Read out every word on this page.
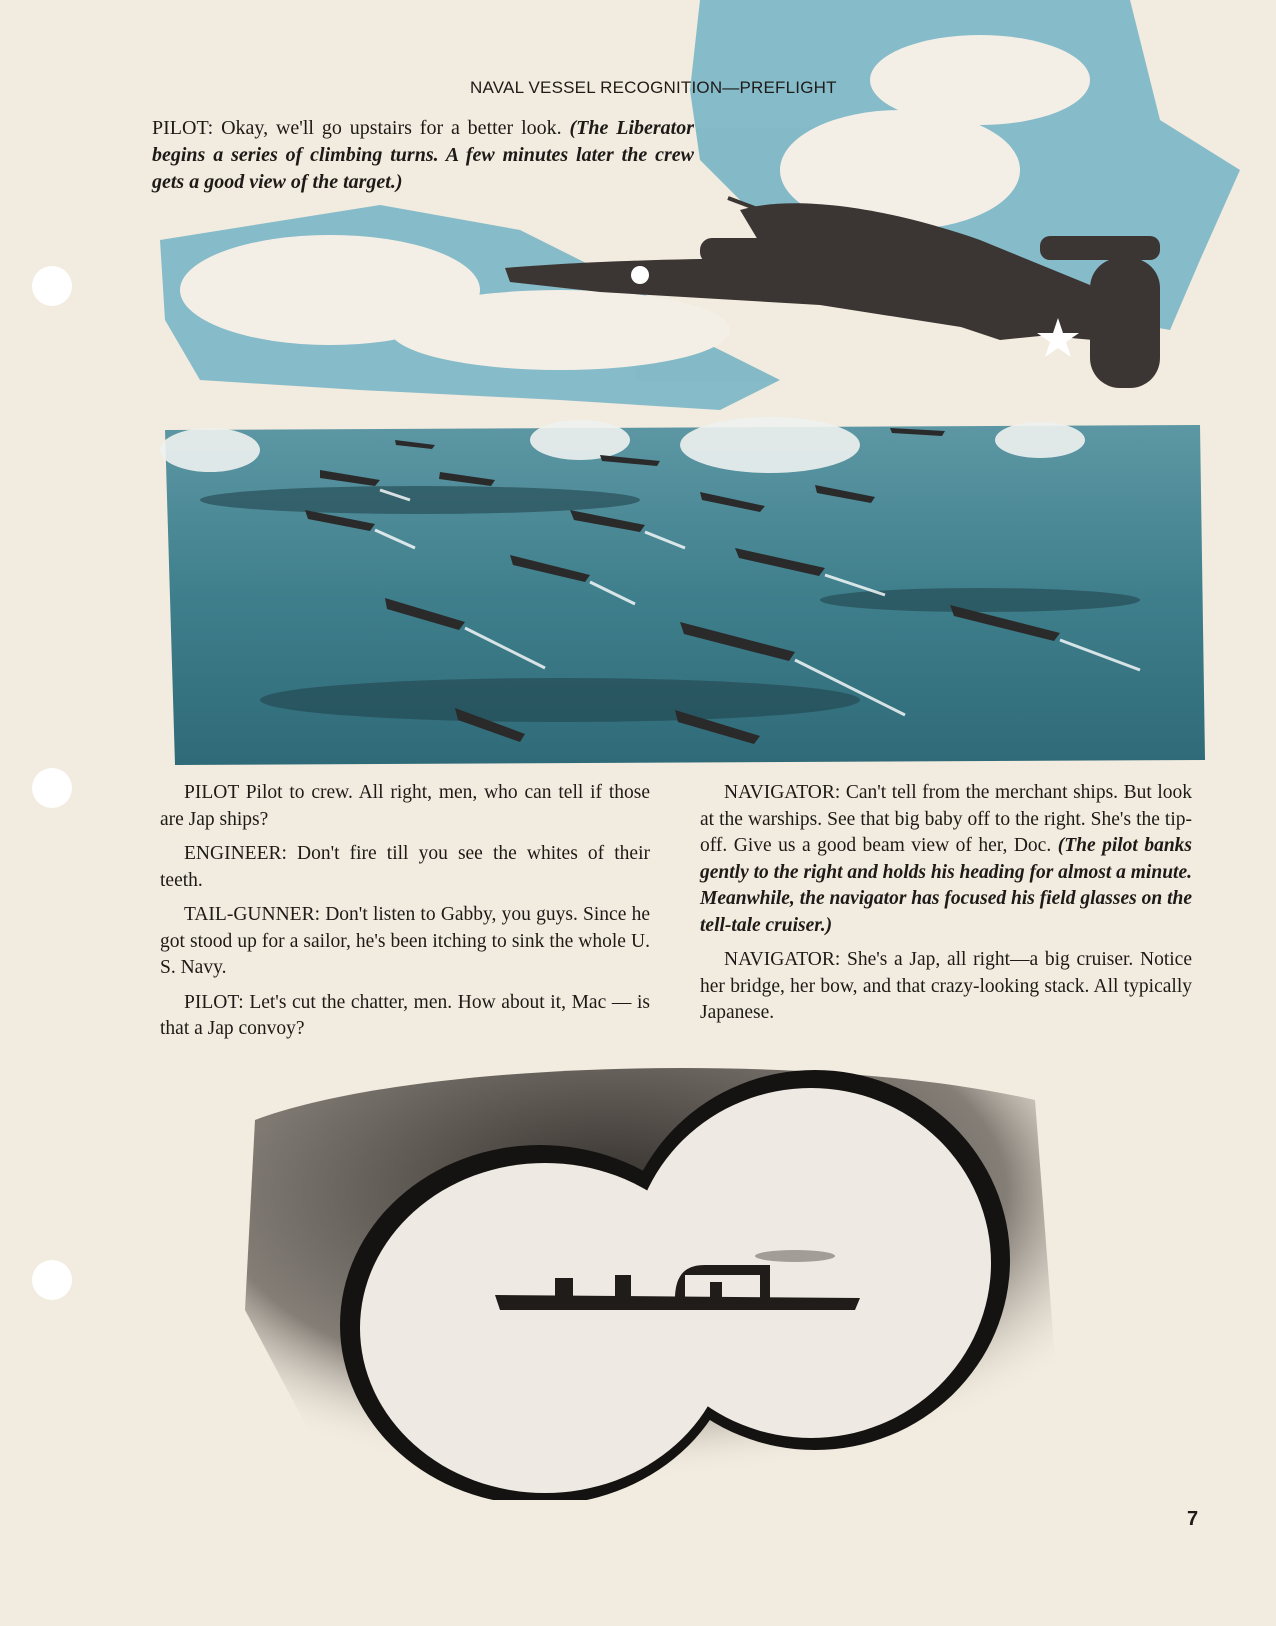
NAVAL VESSEL RECOGNITION—PREFLIGHT
PILOT: Okay, we'll go upstairs for a better look. (The Liberator begins a series of climbing turns. A few minutes later the crew gets a good view of the target.)

PILOT Pilot to crew. All right, men, who can tell if those are Jap ships?

ENGINEER: Don't fire till you see the whites of their teeth.

TAIL-GUNNER: Don't listen to Gabby, you guys. Since he got stood up for a sailor, he's been itching to sink the whole U. S. Navy.

PILOT: Let's cut the chatter, men. How about it, Mac — is that a Jap convoy?

NAVIGATOR: Can't tell from the merchant ships. But look at the warships. See that big baby off to the right. She's the tip-off. Give us a good beam view of her, Doc. (The pilot banks gently to the right and holds his heading for almost a minute. Meanwhile, the navigator has focused his field glasses on the tell-tale cruiser.)

NAVIGATOR: She's a Jap, all right—a big cruiser. Notice her bridge, her bow, and that crazy-looking stack. All typically Japanese.

7
